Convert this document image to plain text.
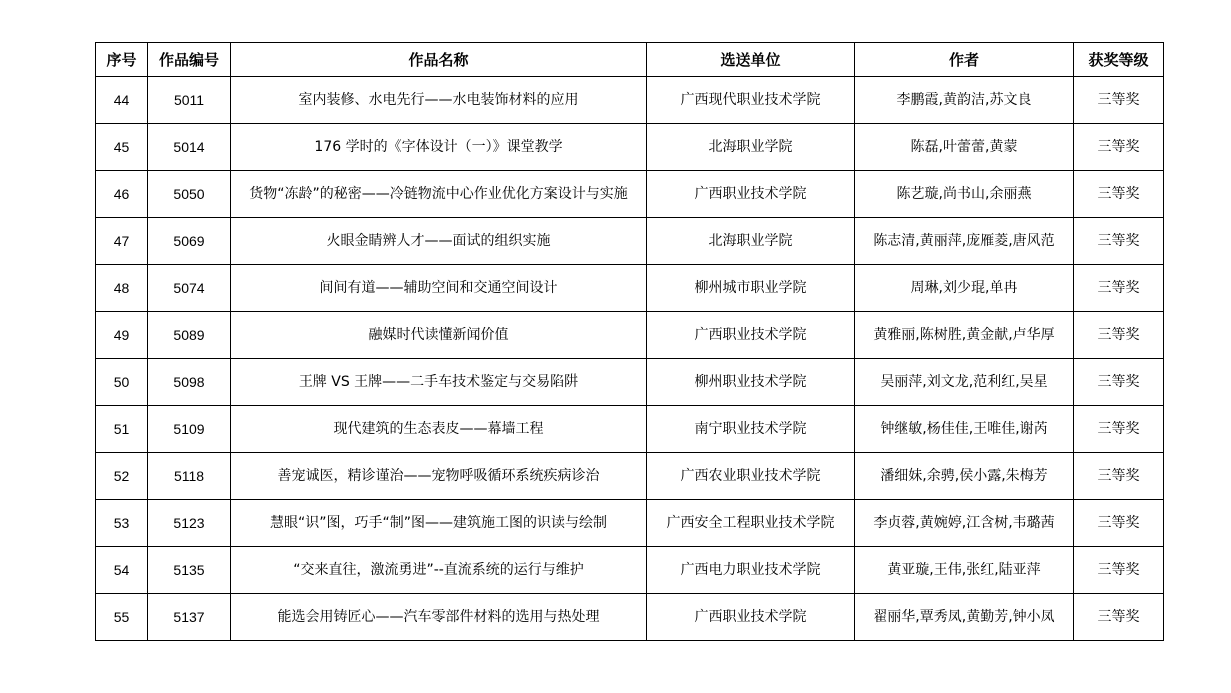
序号	作品编号	作品名称	选送单位	作者	获奖等级
44	5011	室内装修、水电先行——水电装饰材料的应用	广西现代职业技术学院	李鹏霞,黄韵洁,苏文良	三等奖
45	5014	176 学时的《字体设计（一）》课堂教学	北海职业学院	陈磊,叶蕾蕾,黄蒙	三等奖
46	5050	货物“冻龄”的秘密——冷链物流中心作业优化方案设计与实施	广西职业技术学院	陈艺璇,尚书山,余丽燕	三等奖
47	5069	火眼金睛辨人才——面试的组织实施	北海职业学院	陈志清,黄丽萍,庞雁菱,唐风范	三等奖
48	5074	间间有道——辅助空间和交通空间设计	柳州城市职业学院	周琳,刘少琨,单冉	三等奖
49	5089	融媒时代读懂新闻价值	广西职业技术学院	黄雅丽,陈树胜,黄金献,卢华厚	三等奖
50	5098	王牌 VS 王牌——二手车技术鉴定与交易陷阱	柳州职业技术学院	吴丽萍,刘文龙,范利红,吴星	三等奖
51	5109	现代建筑的生态表皮——幕墙工程	南宁职业技术学院	钟继敏,杨佳佳,王唯佳,谢芮	三等奖
52	5118	善宠诚医，精诊谨治——宠物呼吸循环系统疾病诊治	广西农业职业技术学院	潘细妹,余骋,侯小露,朱梅芳	三等奖
53	5123	慧眼“识”图，巧手“制”图——建筑施工图的识读与绘制	广西安全工程职业技术学院	李贞蓉,黄婉婷,江含树,韦璐茜	三等奖
54	5135	“交来直往，激流勇进”--直流系统的运行与维护	广西电力职业技术学院	黄亚璇,王伟,张红,陆亚萍	三等奖
55	5137	能选会用铸匠心——汽车零部件材料的选用与热处理	广西职业技术学院	翟丽华,覃秀凤,黄勤芳,钟小凤	三等奖
